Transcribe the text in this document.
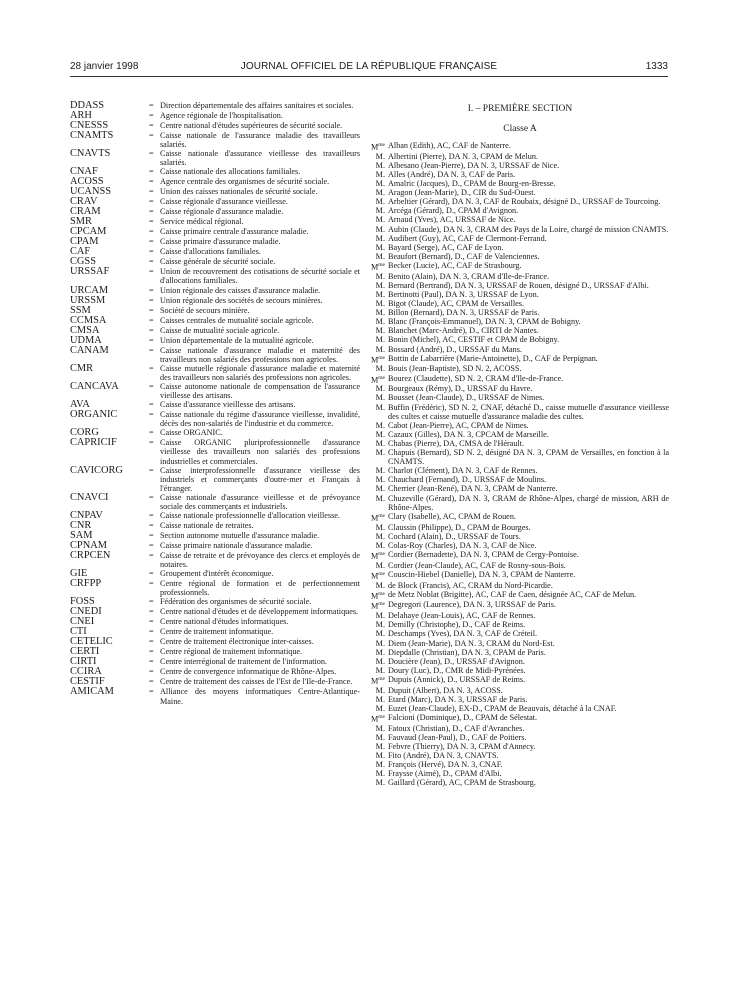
28 janvier 1998	JOURNAL OFFICIEL DE LA RÉPUBLIQUE FRANÇAISE	1333
DDASS	= Direction départementale des affaires sanitaires et sociales.
ARH	= Agence régionale de l'hospitalisation.
CNESSS	= Centre national d'études supérieures de sécurité sociale.
CNAMTS	= Caisse nationale de l'assurance maladie des travailleurs salariés.
CNAVTS	= Caisse nationale d'assurance vieillesse des travailleurs salariés.
CNAF	= Caisse nationale des allocations familiales.
ACOSS	= Agence centrale des organismes de sécurité sociale.
UCANSS	= Union des caisses nationales de sécurité sociale.
CRAV	= Caisse régionale d'assurance vieillesse.
CRAM	= Caisse régionale d'assurance maladie.
SMR	= Service médical régional.
CPCAM	= Caisse primaire centrale d'assurance maladie.
CPAM	= Caisse primaire d'assurance maladie.
CAF	= Caisse d'allocations familiales.
CGSS	= Caisse générale de sécurité sociale.
URSSAF	= Union de recouvrement des cotisations de sécurité sociale et d'allocations familiales.
URCAM	= Union régionale des caisses d'assurance maladie.
URSSM	= Union régionale des sociétés de secours minières.
SSM	= Société de secours minière.
CCMSA	= Caisses centrales de mutualité sociale agricole.
CMSA	= Caisse de mutualité sociale agricole.
UDMA	= Union départementale de la mutualité agricole.
CANAM	= Caisse nationale d'assurance maladie et maternité des travailleurs non salariés des professions non agricoles.
CMR	= Caisse mutuelle régionale d'assurance maladie et maternité des travailleurs non salariés des professions non agricoles.
CANCAVA	= Caisse autonome nationale de compensation de l'assurance vieillesse des artisans.
AVA	= Caisse d'assurance vieillesse des artisans.
ORGANIC	= Caisse nationale du régime d'assurance vieillesse, invalidité, décès des non-salariés de l'industrie et du commerce.
CORG	= Caisse ORGANIC.
CAPRICIF	= Caisse ORGANIC pluriprofessionnelle d'assurance vieillesse des travailleurs non salariés des professions industrielles et commerciales.
CAVICORG	= Caisse interprofessionnelle d'assurance vieillesse des industriels et commerçants d'outre-mer et Français à l'étranger.
CNAVCI	= Caisse nationale d'assurance vieillesse et de prévoyance sociale des commerçants et industriels.
CNPAV	= Caisse nationale professionnelle d'allocation vieillesse.
CNR	= Caisse nationale de retraites.
SAM	= Section autonome mutuelle d'assurance maladie.
CPNAM	= Caisse primaire nationale d'assurance maladie.
CRPCEN	= Caisse de retraite et de prévoyance des clercs et employés de notaires.
GIE	= Groupement d'intérêt économique.
CRFPP	= Centre régional de formation et de perfectionnement professionnels.
FOSS	= Fédération des organismes de sécurité sociale.
CNEDI	= Centre national d'études et de développement informatiques.
CNEI	= Centre national d'études informatiques.
CTI	= Centre de traitement informatique.
CETELIC	= Centre de traitement électronique inter-caisses.
CERTI	= Centre régional de traitement informatique.
CIRTI	= Centre interrégional de traitement de l'information.
CCIRA	= Centre de convergence informatique de Rhône-Alpes.
CESTIF	= Centre de traitement des caisses de l'Est de l'Ile-de-France.
AMICAM	= Alliance des moyens informatiques Centre-Atlantique-Maine.

I. – PREMIÈRE SECTION

Classe A

$M^{me}$ Alban (Edith), AC, CAF de Nanterre.
M. Albertini (Pierre), DA N. 3, CPAM de Melun.
M. Albesano (Jean-Pierre), DA N. 3, URSSAF de Nice.
M. Alles (André), DA N. 3, CAF de Paris.
M. Amalric (Jacques), D., CPAM de Bourg-en-Bresse.
M. Aragon (Jean-Marie), D., CIR du Sud-Ouest.
M. Arbeltier (Gérard), DA N. 3, CAF de Roubaix, désigné D., URSSAF de Tourcoing.
M. Arcéga (Gérard), D., CPAM d'Avignon.
M. Arnaud (Yves), AC, URSSAF de Nice.
M. Aubin (Claude), DA N. 3, CRAM des Pays de la Loire, chargé de mission CNAMTS.
M. Audibert (Guy), AC, CAF de Clermont-Ferrand.
M. Bayard (Serge), AC, CAF de Lyon.
M. Beaufort (Bernard), D., CAF de Valenciennes.
$M^{me}$ Becker (Lucie), AC, CAF de Strasbourg.
M. Benito (Alain), DA N. 3, CRAM d'Ile-de-France.
M. Bernard (Bertrand), DA N. 3, URSSAF de Rouen, désigné D., URSSAF d'Albi.
M. Bertinotti (Paul), DA N. 3, URSSAF de Lyon.
M. Bigot (Claude), AC, CPAM de Versailles.
M. Billon (Bernard), DA N. 3, URSSAF de Paris.
M. Blanc (François-Emmanuel), DA N. 3, CPAM de Bobigny.
M. Blanchet (Marc-André), D., CIRTI de Nantes.
M. Bonin (Michel), AC, CESTIF et CPAM de Bobigny.
M. Bossard (André), D., URSSAF du Mans.
$M^{me}$ Bottin de Labarrière (Marie-Antoinette), D., CAF de Perpignan.
M. Bouis (Jean-Baptiste), SD N. 2, ACOSS.
$M^{me}$ Bourez (Claudette), SD N. 2, CRAM d'Ile-de-France.
M. Bourgeaux (Rémy), D., URSSAF du Havre.
M. Bousset (Jean-Claude), D., URSSAF de Nimes.
M. Buffin (Frédéric), SD N. 2, CNAF, détaché D., caisse mutuelle d'assurance vieillesse des cultes et caisse mutuelle d'assurance maladie des cultes.
M. Cabot (Jean-Pierre), AC, CPAM de Nimes.
M. Cazaux (Gilles), DA N. 3, CPCAM de Marseille.
M. Chabas (Pierre), DA, CMSA de l'Hérault.
M. Chapuis (Bernard), SD N. 2, désigné DA N. 3, CPAM de Versailles, en fonction à la CNAMTS.
M. Charlot (Clément), DA N. 3, CAF de Rennes.
M. Chauchard (Fernand), D., URSSAF de Moulins.
M. Cherrier (Jean-René), DA N. 3, CPAM de Nanterre.
M. Chuzeville (Gérard), DA N. 3, CRAM de Rhône-Alpes, chargé de mission, ARH de Rhône-Alpes.
$M^{me}$ Clary (Isabelle), AC, CPAM de Rouen.
M. Claussin (Philippe), D., CPAM de Bourges.
M. Cochard (Alain), D., URSSAF de Tours.
M. Colas-Roy (Charles), DA N. 3, CAF de Nice.
$M^{me}$ Cordier (Bernadette), DA N. 3, CPAM de Cergy-Pontoise.
M. Cordier (Jean-Claude), AC, CAF de Rosny-sous-Bois.
$M^{me}$ Couscin-Hiebel (Danielle), DA N. 3, CPAM de Nanterre.
M. de Block (Francis), AC, CRAM du Nord-Picardie.
$M^{me}$ de Metz Noblat (Brigitte), AC, CAF de Caen, désignée AC, CAF de Melun.
$M^{me}$ Degregori (Laurence), DA N. 3, URSSAF de Paris.
M. Delahaye (Jean-Louis), AC, CAF de Rennes.
M. Demilly (Christophe), D., CAF de Reims.
M. Deschamps (Yves), DA N. 3, CAF de Créteil.
M. Diem (Jean-Marie), DA N. 3, CRAM du Nord-Est.
M. Diepdalle (Christian), DA N. 3, CPAM de Paris.
M. Doucière (Jean), D., URSSAF d'Avignon.
M. Doury (Luc), D., CMR de Midi-Pyrénées.
$M^{me}$ Dupuis (Annick), D., URSSAF de Reims.
M. Dupuit (Albert), DA N. 3, ACOSS.
M. Etard (Marc), DA N. 3, URSSAF de Paris.
M. Euzet (Jean-Claude), EX-D., CPAM de Beauvais, détaché à la CNAF.
$M^{me}$ Falcioni (Dominique), D., CPAM de Sélestat.
M. Fatoux (Christian), D., CAF d'Avranches.
M. Fauvaud (Jean-Paul), D., CAF de Poitiers.
M. Febvre (Thierry), DA N. 3, CPAM d'Annecy.
M. Fito (André), DA N. 3, CNAVTS.
M. François (Hervé), DA N. 3, CNAF.
M. Fraysse (Aimé), D., CPAM d'Albi.
M. Gaillard (Gérard), AC, CPAM de Strasbourg.
